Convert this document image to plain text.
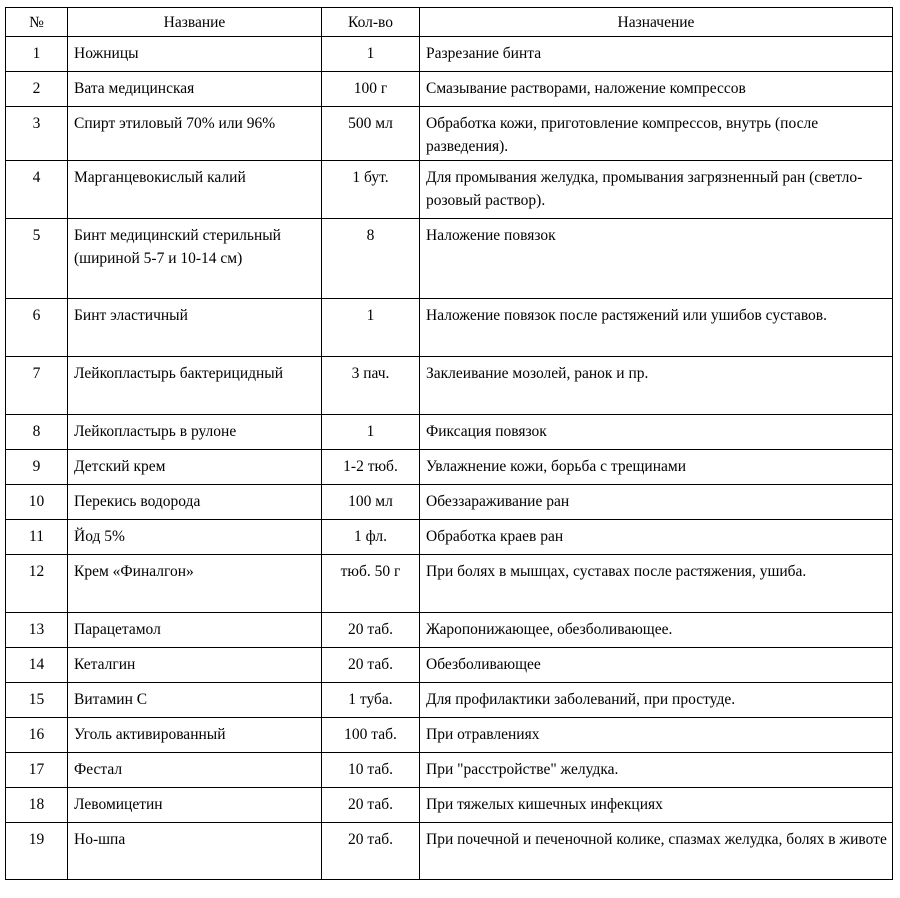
№	Название	Кол-во	Назначение
1	Ножницы	1	Разрезание бинта
2	Вата медицинская	100 г	Смазывание растворами, наложение компрессов
3	Спирт этиловый 70% или 96%	500 мл	Обработка кожи, приготовление компрессов, внутрь (после разведения).
4	Марганцевокислый калий	1 бут.	Для промывания желудка, промывания загрязненный ран (светло-розовый раствор).
5	Бинт медицинский стерильный (шириной 5-7 и 10-14 см)	8	Наложение повязок
6	Бинт эластичный	1	Наложение повязок после растяжений или ушибов суставов.
7	Лейкопластырь бактерицидный	3 пач.	Заклеивание мозолей, ранок и пр.
8	Лейкопластырь в рулоне	1	Фиксация повязок
9	Детский крем	1-2 тюб.	Увлажнение кожи, борьба с трещинами
10	Перекись водорода	100 мл	Обеззараживание ран
11	Йод 5%	1 фл.	Обработка краев ран
12	Крем «Финалгон»	тюб. 50 г	При болях в мышцах, суставах после растяжения, ушиба.
13	Парацетамол	20 таб.	Жаропонижающее, обезболивающее.
14	Кеталгин	20 таб.	Обезболивающее
15	Витамин С	1 туба.	Для профилактики заболеваний, при простуде.
16	Уголь активированный	100 таб.	При отравлениях
17	Фестал	10 таб.	При "расстройстве" желудка.
18	Левомицетин	20 таб.	При тяжелых кишечных инфекциях
19	Но-шпа	20 таб.	При почечной и печеночной колике, спазмах желудка, болях в животе
